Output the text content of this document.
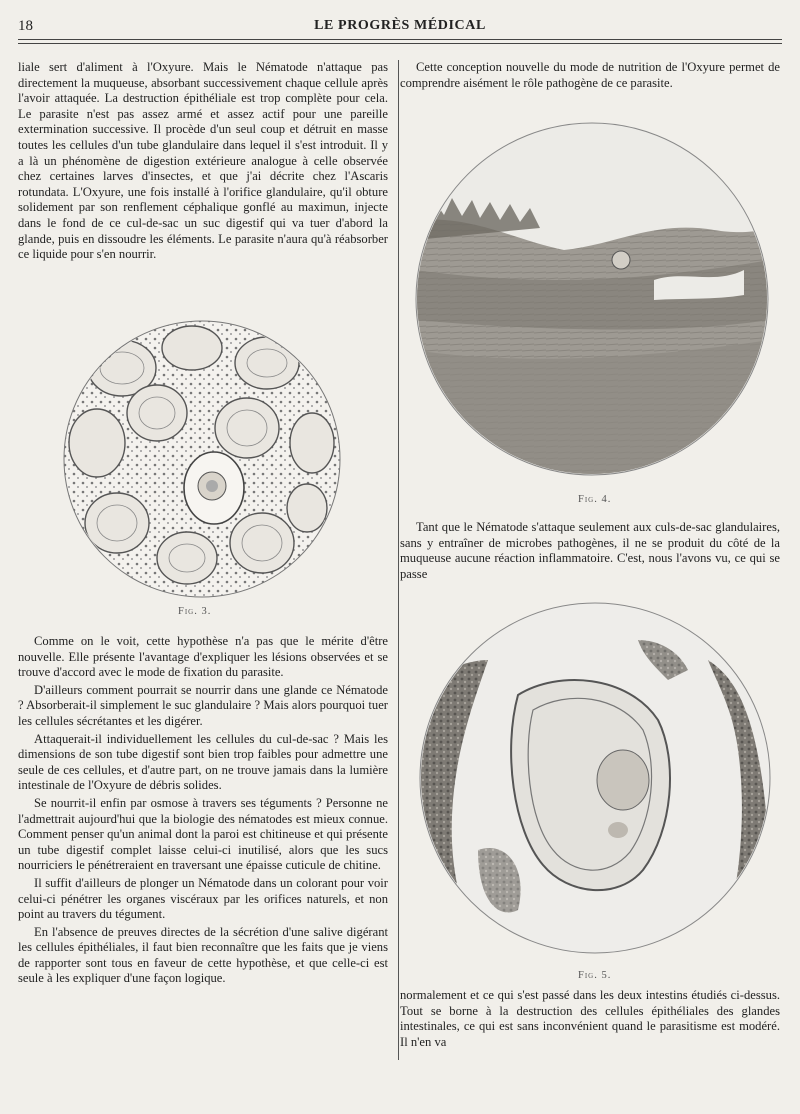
18	LE PROGRÈS MÉDICAL

liale sert d'aliment à l'Oxyure. Mais le Nématode n'attaque pas directement la muqueuse, absorbant successivement chaque cellule après l'avoir attaquée. La destruction épithéliale est trop complète pour cela. Le parasite n'est pas assez armé et assez actif pour une pareille extermination successive. Il procède d'un seul coup et détruit en masse toutes les cellules d'un tube glandulaire dans lequel il s'est introduit. Il y a là un phénomène de digestion extérieure analogue à celle observée chez certaines larves d'insectes, et que j'ai décrite chez l'Ascaris rotundata. L'Oxyure, une fois installé à l'orifice glandulaire, qu'il obture solidement par son renflement céphalique gonflé au maximun, injecte dans le fond de ce cul-de-sac un suc digestif qui va tuer d'abord la glande, puis en dissoudre les éléments. Le parasite n'aura qu'à réabsorber ce liquide pour s'en nourrir.

Fig. 3.

Comme on le voit, cette hypothèse n'a pas que le mérite d'être nouvelle. Elle présente l'avantage d'expliquer les lésions observées et se trouve d'accord avec le mode de fixation du parasite.

D'ailleurs comment pourrait se nourrir dans une glande ce Nématode ? Absorberait-il simplement le suc glandulaire ? Mais alors pourquoi tuer les cellules sécrétantes et les digérer.

Attaquerait-il individuellement les cellules du cul-de-sac ? Mais les dimensions de son tube digestif sont bien trop faibles pour admettre une seule de ces cellules, et d'autre part, on ne trouve jamais dans la lumière intestinale de l'Oxyure de débris solides.

Se nourrit-il enfin par osmose à travers ses téguments ? Personne ne l'admettrait aujourd'hui que la biologie des nématodes est mieux connue. Comment penser qu'un animal dont la paroi est chitineuse et qui présente un tube digestif complet laisse celui-ci inutilisé, alors que les sucs nourriciers le pénétreraient en traversant une épaisse cuticule de chitine.

Il suffit d'ailleurs de plonger un Nématode dans un colorant pour voir celui-ci pénétrer les organes viscéraux par les orifices naturels, et non point au travers du tégument.

En l'absence de preuves directes de la sécrétion d'une salive digérant les cellules épithéliales, il faut bien reconnaître que les faits que je viens de rapporter sont tous en faveur de cette hypothèse, et que celle-ci est seule à les expliquer d'une façon logique.

Cette conception nouvelle du mode de nutrition de l'Oxyure permet de comprendre aisément le rôle pathogène de ce parasite.

Fig. 4.

Tant que le Nématode s'attaque seulement aux culs-de-sac glandulaires, sans y entraîner de microbes pathogènes, il ne se produit du côté de la muqueuse aucune réaction inflammatoire. C'est, nous l'avons vu, ce qui se passe

Fig. 5.

normalement et ce qui s'est passé dans les deux intestins étudiés ci-dessus. Tout se borne à la destruction des cellules épithéliales des glandes intestinales, ce qui est sans inconvénient quand le parasitisme est modéré. Il n'en va
